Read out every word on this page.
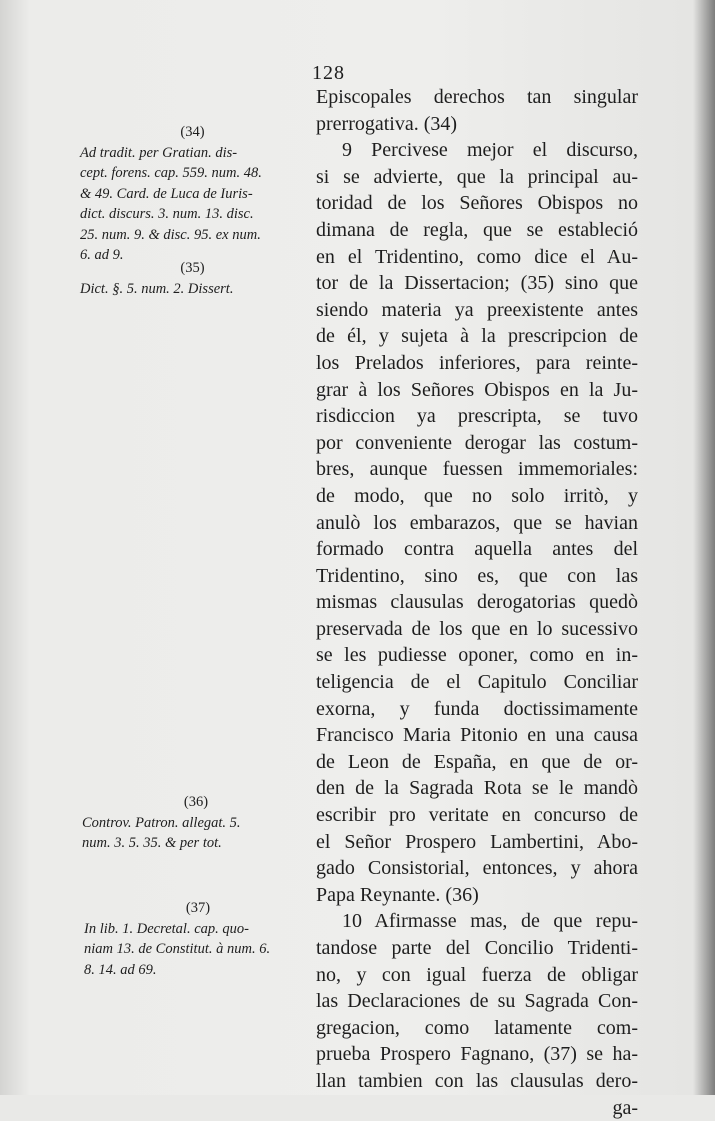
128
Episcopales derechos tan singular
prerrogativa. (34)
9 Percivese mejor el discurso,
si se advierte, que la principal au-
toridad de los Señores Obispos no
dimana de regla, que se estableció
en el Tridentino, como dice el Au-
tor de la Dissertacion; (35) sino que
siendo materia ya preexistente antes
de él, y sujeta à la prescripcion de
los Prelados inferiores, para reinte-
grar à los Señores Obispos en la Ju-
risdiccion ya prescripta, se tuvo
por conveniente derogar las costum-
bres, aunque fuessen immemoriales:
de modo, que no solo irritò, y
anulò los embarazos, que se havian
formado contra aquella antes del
Tridentino, sino es, que con las
mismas clausulas derogatorias quedò
preservada de los que en lo sucessivo
se les pudiesse oponer, como en in-
teligencia de el Capitulo Conciliar
exorna, y funda doctissimamente
Francisco Maria Pitonio en una causa
de Leon de España, en que de or-
den de la Sagrada Rota se le mandò
escribir pro veritate en concurso de
el Señor Prospero Lambertini, Abo-
gado Consistorial, entonces, y ahora
Papa Reynante. (36)
10 Afirmasse mas, de que repu-
tandose parte del Concilio Tridenti-
no, y con igual fuerza de obligar
las Declaraciones de su Sagrada Con-
gregacion, como latamente com-
prueba Prospero Fagnano, (37) se ha-
llan tambien con las clausulas dero-
ga-
(34)
Ad tradit. per Gratian. dis-
cept. forens. cap. 559. num. 48.
& 49. Card. de Luca de Iuris-
dict. discurs. 3. num. 13. disc.
25. num. 9. & disc. 95. ex num.
6. ad 9.
(35)
Dict. §. 5. num. 2. Dissert.
(36)
Controv. Patron. allegat. 5.
num. 3. 5. 35. & per tot.
(37)
In lib. 1. Decretal. cap. quo-
niam 13. de Constitut. à num. 6.
8. 14. ad 69.
